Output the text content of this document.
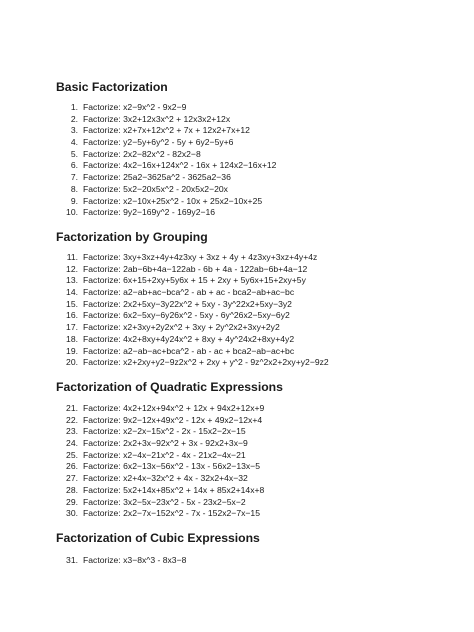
Basic Factorization
1. Factorize: x2−9x^2 - 9x2−9
2. Factorize: 3x2+12x3x^2 + 12x3x2+12x
3. Factorize: x2+7x+12x^2 + 7x + 12x2+7x+12
4. Factorize: y2−5y+6y^2 - 5y + 6y2−5y+6
5. Factorize: 2x2−82x^2 - 82x2−8
6. Factorize: 4x2−16x+124x^2 - 16x + 124x2−16x+12
7. Factorize: 25a2−3625a^2 - 3625a2−36
8. Factorize: 5x2−20x5x^2 - 20x5x2−20x
9. Factorize: x2−10x+25x^2 - 10x + 25x2−10x+25
10. Factorize: 9y2−169y^2 - 169y2−16
Factorization by Grouping
11. Factorize: 3xy+3xz+4y+4z3xy + 3xz + 4y + 4z3xy+3xz+4y+4z
12. Factorize: 2ab−6b+4a−122ab - 6b + 4a - 122ab−6b+4a−12
13. Factorize: 6x+15+2xy+5y6x + 15 + 2xy + 5y6x+15+2xy+5y
14. Factorize: a2−ab+ac−bca^2 - ab + ac - bca2−ab+ac−bc
15. Factorize: 2x2+5xy−3y22x^2 + 5xy - 3y^22x2+5xy−3y2
16. Factorize: 6x2−5xy−6y26x^2 - 5xy - 6y^26x2−5xy−6y2
17. Factorize: x2+3xy+2y2x^2 + 3xy + 2y^2x2+3xy+2y2
18. Factorize: 4x2+8xy+4y24x^2 + 8xy + 4y^24x2+8xy+4y2
19. Factorize: a2−ab−ac+bca^2 - ab - ac + bca2−ab−ac+bc
20. Factorize: x2+2xy+y2−9z2x^2 + 2xy + y^2 - 9z^2x2+2xy+y2−9z2
Factorization of Quadratic Expressions
21. Factorize: 4x2+12x+94x^2 + 12x + 94x2+12x+9
22. Factorize: 9x2−12x+49x^2 - 12x + 49x2−12x+4
23. Factorize: x2−2x−15x^2 - 2x - 15x2−2x−15
24. Factorize: 2x2+3x−92x^2 + 3x - 92x2+3x−9
25. Factorize: x2−4x−21x^2 - 4x - 21x2−4x−21
26. Factorize: 6x2−13x−56x^2 - 13x - 56x2−13x−5
27. Factorize: x2+4x−32x^2 + 4x - 32x2+4x−32
28. Factorize: 5x2+14x+85x^2 + 14x + 85x2+14x+8
29. Factorize: 3x2−5x−23x^2 - 5x - 23x2−5x−2
30. Factorize: 2x2−7x−152x^2 - 7x - 152x2−7x−15
Factorization of Cubic Expressions
31. Factorize: x3−8x^3 - 8x3−8
